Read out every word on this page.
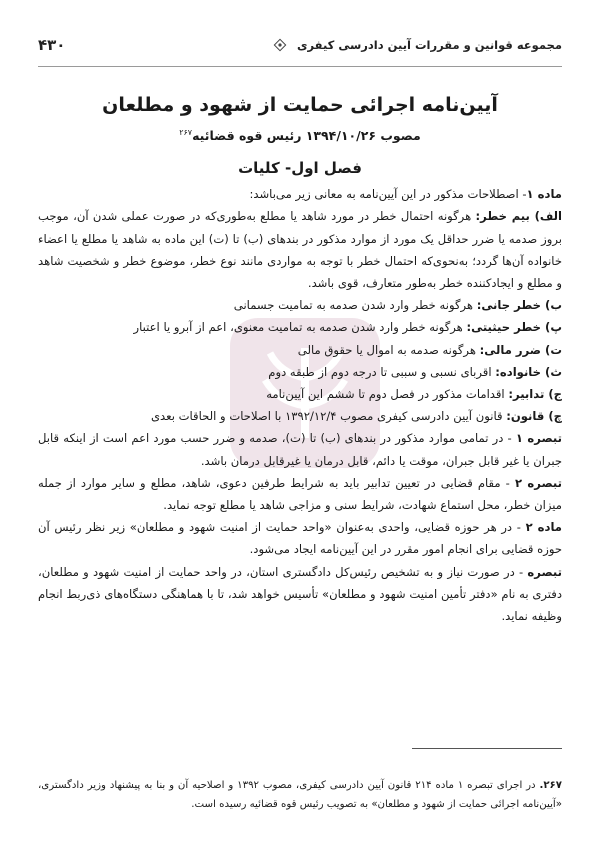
مجموعه قوانین و مقررات آیین دادرسی کیفری
۴۳۰
آیین‌نامه اجرائی حمایت از شهود و مطلعان

مصوب ۱۳۹۴/۱۰/۲۶ رئیس قوه قضائیه$^{۲۶۷}$

فصل اول- کلیات

ماده ۱- اصطلاحات مذکور در این آیین‌نامه به معانی زیر می‌باشد:

الف) بیم خطر: هرگونه احتمال خطر در مورد شاهد یا مطلع به‌طوری‌که در صورت عملی شدن آن، موجب بروز صدمه یا ضرر حداقل یک مورد از موارد مذکور در بندهای (ب) تا (ت) این ماده به شاهد یا مطلع یا اعضاء خانواده آن‌ها گردد؛ به‌نحوی‌که احتمال خطر با توجه به مواردی مانند نوع خطر، موضوع خطر و شخصیت شاهد و مطلع و ایجادکننده خطر به‌طور متعارف، قوی باشد.

ب) خطر جانی: هرگونه خطر وارد شدن صدمه به تمامیت جسمانی

پ) خطر حیثیتی: هرگونه خطر وارد شدن صدمه به تمامیت معنوی، اعم از آبرو یا اعتبار

ت) ضرر مالی: هرگونه صدمه به اموال یا حقوق مالی

ث) خانواده: اقربای نسبی و سببی تا درجه دوم از طبقه دوم

ج) تدابیر: اقدامات مذکور در فصل دوم تا ششم این آیین‌نامه

چ) قانون: قانون آیین دادرسی کیفری مصوب ۱۳۹۲/۱۲/۴ با اصلاحات و الحاقات بعدی

تبصره ۱ - در تمامی موارد مذکور در بندهای (ب) تا (ت)، صدمه و ضرر حسب مورد اعم است از اینکه قابل جبران یا غیر قابل جبران، موقت یا دائم، قابل درمان یا غیرقابل درمان باشد.

تبصره ۲ - مقام قضایی در تعیین تدابیر باید به شرایط طرفین دعوی، شاهد، مطلع و سایر موارد از جمله میزان خطر، محل استماع شهادت، شرایط سنی و مزاجی شاهد یا مطلع توجه نماید.

ماده ۲ - در هر حوزه قضایی، واحدی به‌عنوان «واحد حمایت از امنیت شهود و مطلعان» زیر نظر رئیس آن حوزه قضایی برای انجام امور مقرر در این آیین‌نامه ایجاد می‌شود.

تبصره - در صورت نیاز و به تشخیص رئیس‌کل دادگستری استان، در واحد حمایت از امنیت شهود و مطلعان، دفتری به نام «دفتر تأمین امنیت شهود و مطلعان» تأسیس خواهد شد، تا با هماهنگی دستگاه‌های ذی‌ربط انجام وظیفه نماید.

۲۶۷. در اجرای تبصره ۱ ماده ۲۱۴ قانون آیین دادرسی کیفری، مصوب ۱۳۹۲ و اصلاحیه آن و بنا به پیشنهاد وزیر دادگستری، «آیین‌نامه اجرائی حمایت از شهود و مطلعان» به تصویب رئیس قوه قضائیه رسیده است.
